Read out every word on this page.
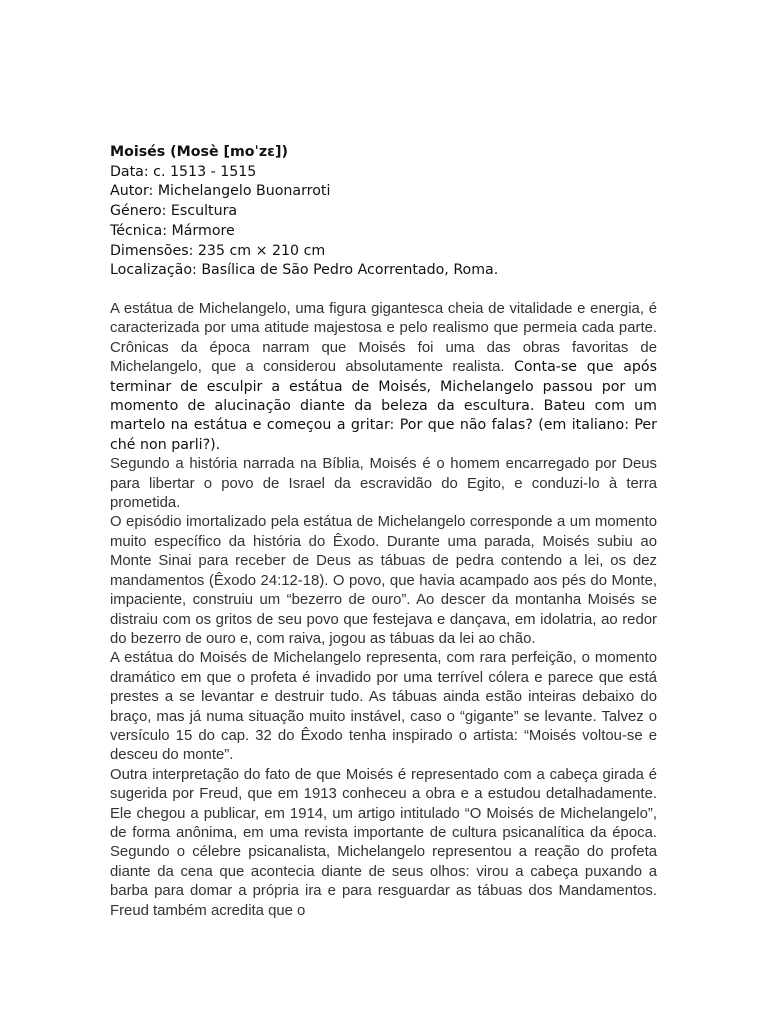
Moisés (Mosè [moˈzɛ])
Data: c. 1513 - 1515
Autor: Michelangelo Buonarroti
Género: Escultura
Técnica: Mármore
Dimensões: 235 cm × 210 cm
Localização: Basílica de São Pedro Acorrentado, Roma.

A estátua de Michelangelo, uma figura gigantesca cheia de vitalidade e energia, é caracterizada por uma atitude majestosa e pelo realismo que permeia cada parte. Crônicas da época narram que Moisés foi uma das obras favoritas de Michelangelo, que a considerou absolutamente realista. Conta-se que após terminar de esculpir a estátua de Moisés, Michelangelo passou por um momento de alucinação diante da beleza da escultura. Bateu com um martelo na estátua e começou a gritar: Por que não falas? (em italiano: Per ché non parli?).

Segundo a história narrada na Bíblia, Moisés é o homem encarregado por Deus para libertar o povo de Israel da escravidão do Egito, e conduzi-lo à terra prometida.

O episódio imortalizado pela estátua de Michelangelo corresponde a um momento muito específico da história do Êxodo. Durante uma parada, Moisés subiu ao Monte Sinai para receber de Deus as tábuas de pedra contendo a lei, os dez mandamentos (Êxodo 24:12-18). O povo, que havia acampado aos pés do Monte, impaciente, construiu um “bezerro de ouro”. Ao descer da montanha Moisés se distraiu com os gritos de seu povo que festejava e dançava, em idolatria, ao redor do bezerro de ouro e, com raiva, jogou as tábuas da lei ao chão.

A estátua do Moisés de Michelangelo representa, com rara perfeição, o momento dramático em que o profeta é invadido por uma terrível cólera e parece que está prestes a se levantar e destruir tudo. As tábuas ainda estão inteiras debaixo do braço, mas já numa situação muito instável, caso o “gigante” se levante. Talvez o versículo 15 do cap. 32 do Êxodo tenha inspirado o artista: “Moisés voltou-se e desceu do monte”.

Outra interpretação do fato de que Moisés é representado com a cabeça girada é sugerida por Freud, que em 1913 conheceu a obra e a estudou detalhadamente. Ele chegou a publicar, em 1914, um artigo intitulado “O Moisés de Michelangelo”, de forma anônima, em uma revista importante de cultura psicanalítica da época. Segundo o célebre psicanalista, Michelangelo representou a reação do profeta diante da cena que acontecia diante de seus olhos: virou a cabeça puxando a barba para domar a própria ira e para resguardar as tábuas dos Mandamentos. Freud também acredita que o
